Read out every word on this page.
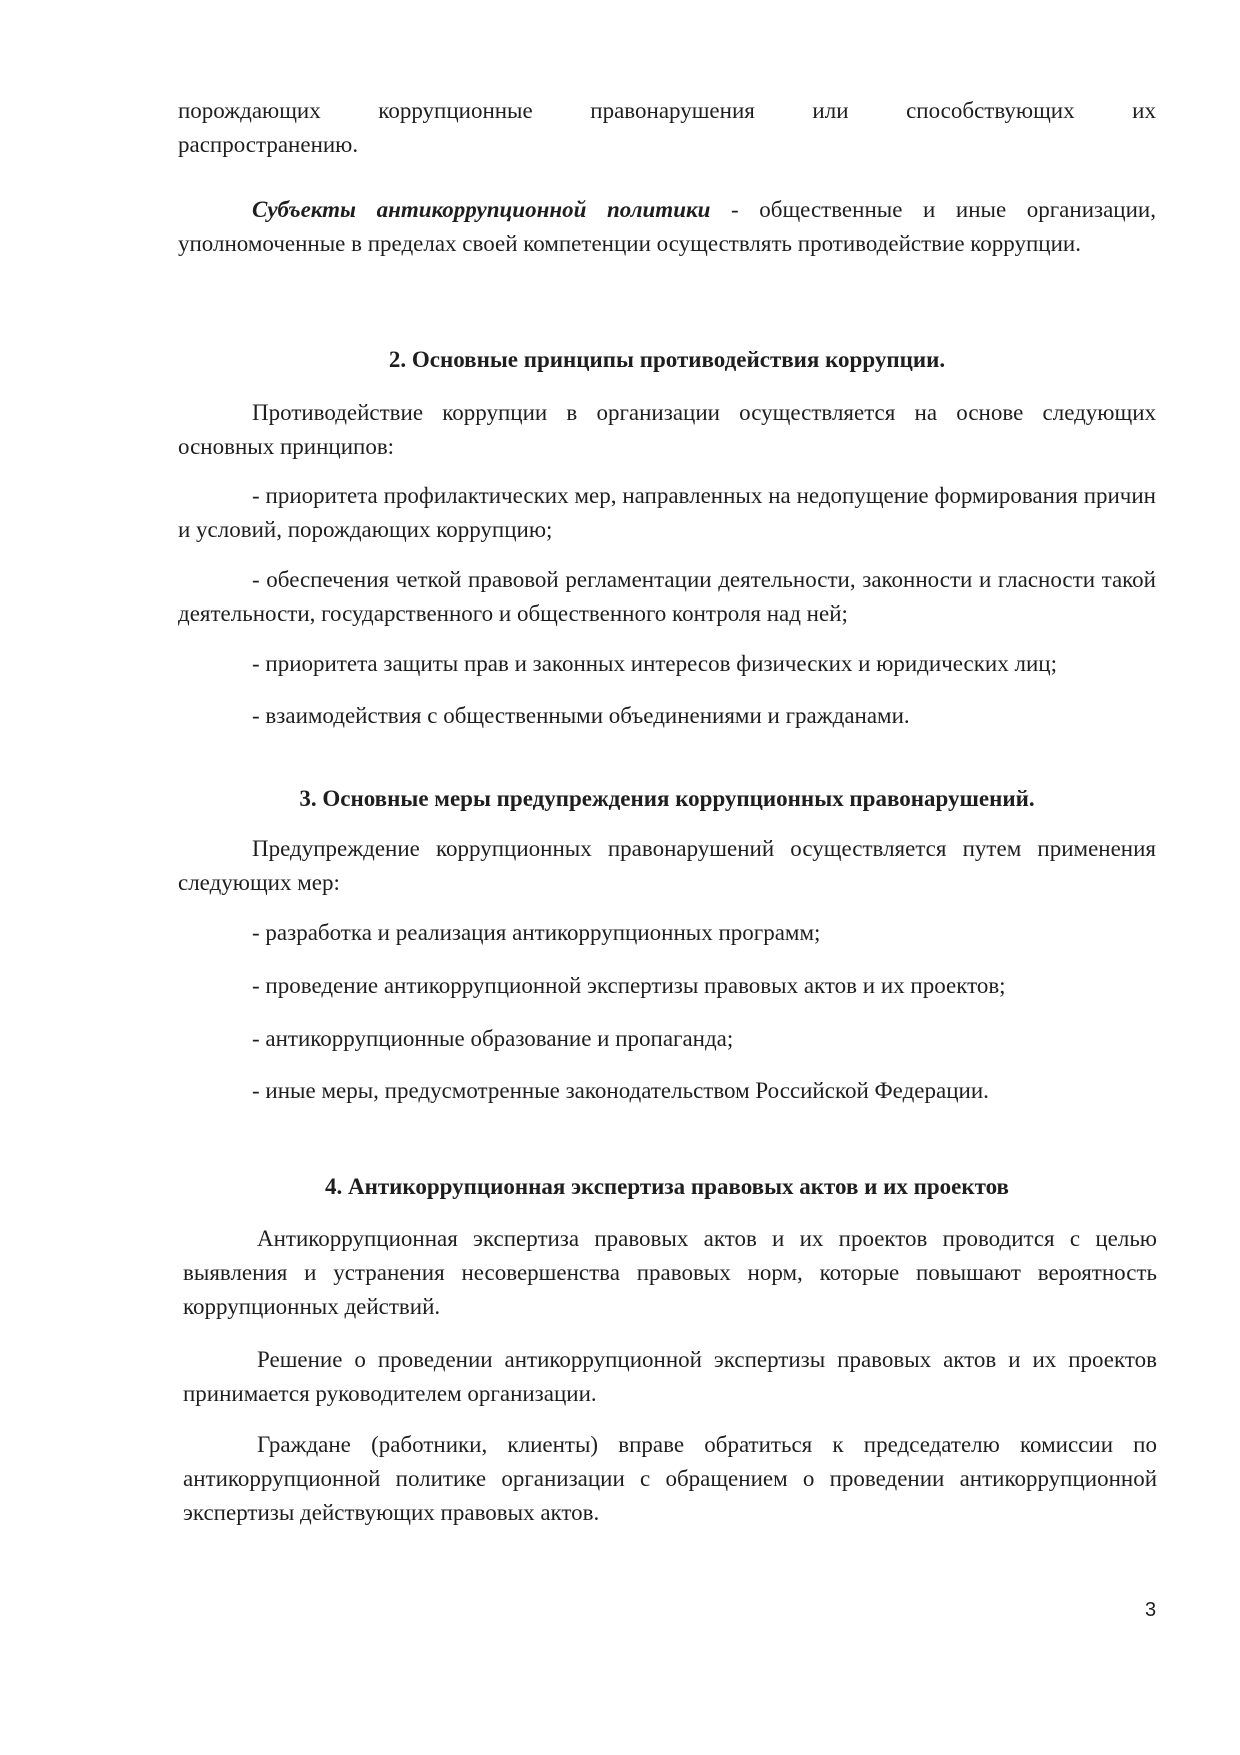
порождающих коррупционные правонарушения или способствующих их

распространению.

Субъекты антикоррупционной политики - общественные и иные организации, уполномоченные в пределах своей компетенции осуществлять противодействие коррупции.

2. Основные принципы противодействия коррупции.

Противодействие коррупции в организации осуществляется на основе следующих основных принципов:

- приоритета профилактических мер, направленных на недопущение формирования причин и условий, порождающих коррупцию;

- обеспечения четкой правовой регламентации деятельности, законности и гласности такой деятельности, государственного и общественного контроля над ней;

- приоритета защиты прав и законных интересов физических и юридических лиц;

- взаимодействия с общественными объединениями и гражданами.

3. Основные меры предупреждения коррупционных правонарушений.

Предупреждение коррупционных правонарушений осуществляется путем применения следующих мер:

- разработка и реализация антикоррупционных программ;

- проведение антикоррупционной экспертизы правовых актов и их проектов;

- антикоррупционные образование и пропаганда;

- иные меры, предусмотренные законодательством Российской Федерации.

4. Антикоррупционная экспертиза правовых актов и их проектов

Антикоррупционная экспертиза правовых актов и их проектов проводится с целью выявления и устранения несовершенства правовых норм, которые повышают вероятность коррупционных действий.

Решение о проведении антикоррупционной экспертизы правовых актов и их проектов принимается руководителем организации.

Граждане (работники, клиенты) вправе обратиться к председателю комиссии по антикоррупционной политике организации с обращением о проведении антикоррупционной экспертизы действующих правовых актов.

3
